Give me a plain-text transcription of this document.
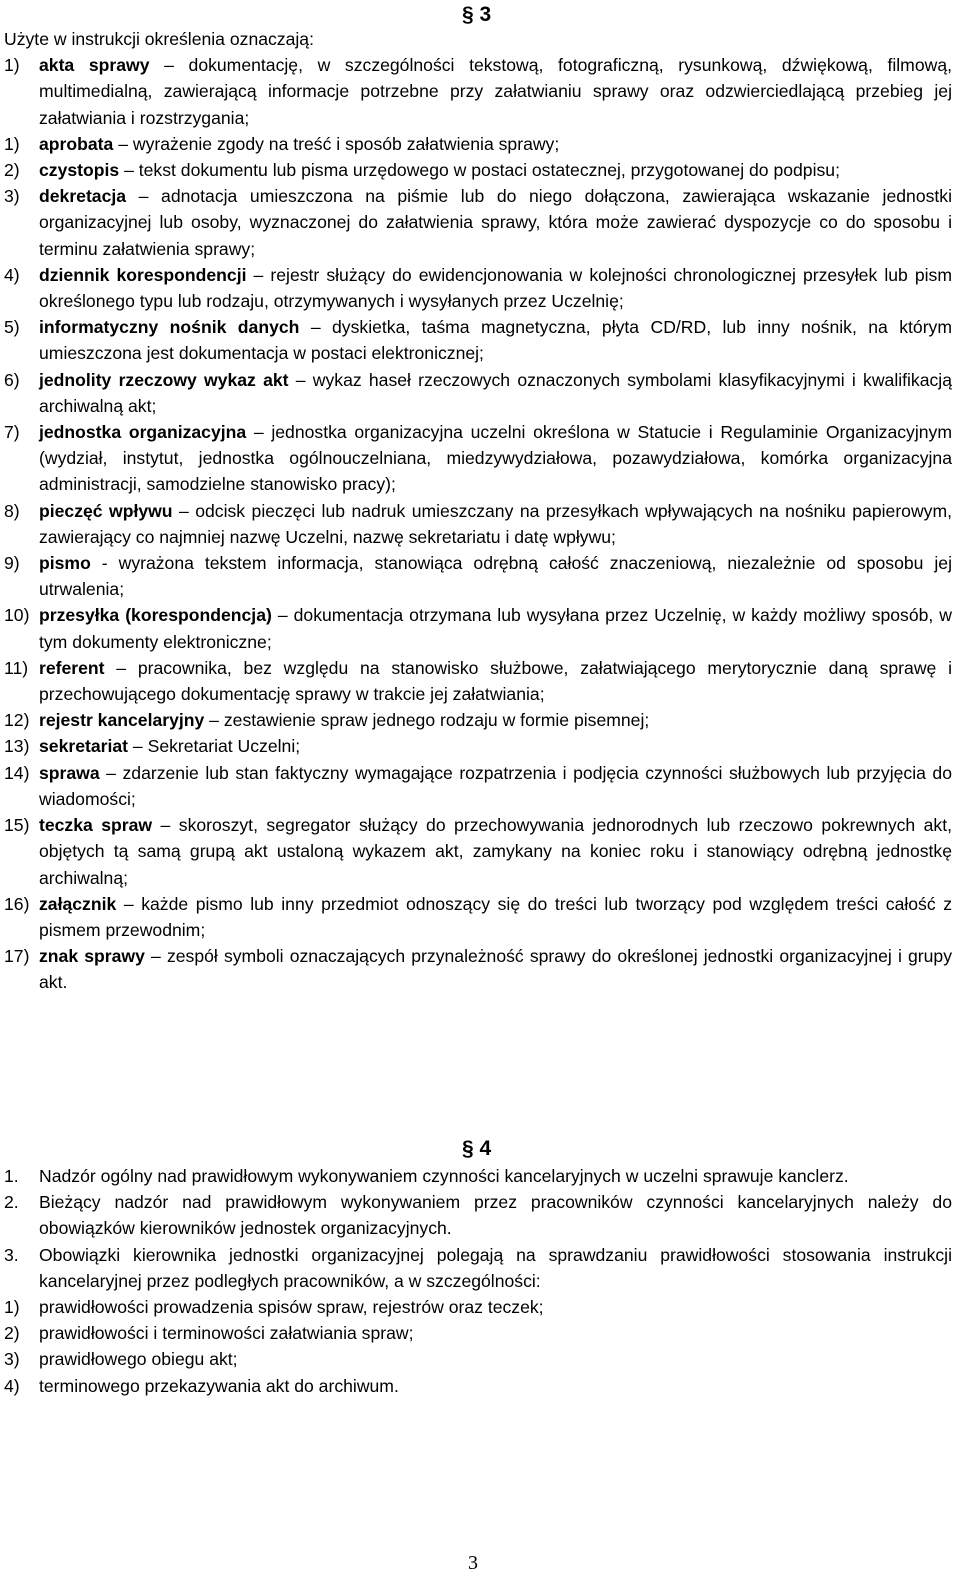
§ 3
Użyte w instrukcji określenia oznaczają:
1)	akta sprawy – dokumentację, w szczególności tekstową, fotograficzną, rysunkową, dźwiękową, filmową, multimedialną, zawierającą informacje potrzebne przy załatwianiu sprawy oraz odzwierciedlającą przebieg jej załatwiania i rozstrzygania;
1)	aprobata – wyrażenie zgody na treść i sposób załatwienia sprawy;
2)	czystopis – tekst dokumentu lub pisma urzędowego w postaci ostatecznej, przygotowanej do podpisu;
3)	dekretacja – adnotacja umieszczona na piśmie lub do niego dołączona, zawierająca wskazanie jednostki organizacyjnej lub osoby, wyznaczonej do załatwienia sprawy, która może zawierać dyspozycje co do sposobu i terminu załatwienia sprawy;
4)	dziennik korespondencji – rejestr służący do ewidencjonowania w kolejności chronologicznej przesyłek lub pism określonego typu lub rodzaju, otrzymywanych i wysyłanych przez Uczelnię;
5)	informatyczny nośnik danych – dyskietka, taśma magnetyczna, płyta CD/RD, lub inny nośnik, na którym umieszczona jest dokumentacja w postaci elektronicznej;
6)	jednolity rzeczowy wykaz akt – wykaz haseł rzeczowych oznaczonych symbolami klasyfikacyjnymi i kwalifikacją archiwalną akt;
7)	jednostka organizacyjna – jednostka organizacyjna uczelni określona w Statucie i Regulaminie Organizacyjnym (wydział, instytut, jednostka ogólnouczelniana, miedzywydziałowa, pozawydziałowa, komórka organizacyjna administracji, samodzielne stanowisko pracy);
8)	pieczęć wpływu – odcisk pieczęci lub nadruk umieszczany na przesyłkach wpływających na nośniku papierowym, zawierający co najmniej nazwę Uczelni, nazwę sekretariatu i datę wpływu;
9)	pismo - wyrażona tekstem informacja, stanowiąca odrębną całość znaczeniową, niezależnie od sposobu jej utrwalenia;
10) przesyłka (korespondencja) – dokumentacja otrzymana lub wysyłana przez Uczelnię, w każdy możliwy sposób, w tym dokumenty elektroniczne;
11) referent – pracownika, bez względu na stanowisko służbowe, załatwiającego merytorycznie daną sprawę i przechowującego dokumentację sprawy w trakcie jej załatwiania;
12) rejestr kancelaryjny – zestawienie spraw jednego rodzaju w formie pisemnej;
13) sekretariat – Sekretariat Uczelni;
14) sprawa – zdarzenie lub stan faktyczny wymagające rozpatrzenia i podjęcia czynności służbowych lub przyjęcia do wiadomości;
15) teczka spraw – skoroszyt, segregator służący do przechowywania jednorodnych lub rzeczowo pokrewnych akt, objętych tą samą grupą akt ustaloną wykazem akt, zamykany na koniec roku i stanowiący odrębną jednostkę archiwalną;
16) załącznik – każde pismo lub inny przedmiot odnoszący się do treści lub tworzący pod względem treści całość z pismem przewodnim;
17) znak sprawy – zespół symboli oznaczających przynależność sprawy do określonej jednostki organizacyjnej i grupy akt.
§ 4
1.	Nadzór ogólny nad prawidłowym wykonywaniem czynności kancelaryjnych w uczelni sprawuje kanclerz.
2.	Bieżący nadzór nad prawidłowym wykonywaniem przez pracowników czynności kancelaryjnych należy do obowiązków kierowników jednostek organizacyjnych.
3.	Obowiązki kierownika jednostki organizacyjnej polegają na sprawdzaniu prawidłowości stosowania instrukcji kancelaryjnej przez podległych pracowników, a w szczególności:
1)	prawidłowości prowadzenia spisów spraw, rejestrów oraz teczek;
2)	prawidłowości i terminowości załatwiania spraw;
3)	prawidłowego obiegu akt;
4)	terminowego przekazywania akt do archiwum.
3
